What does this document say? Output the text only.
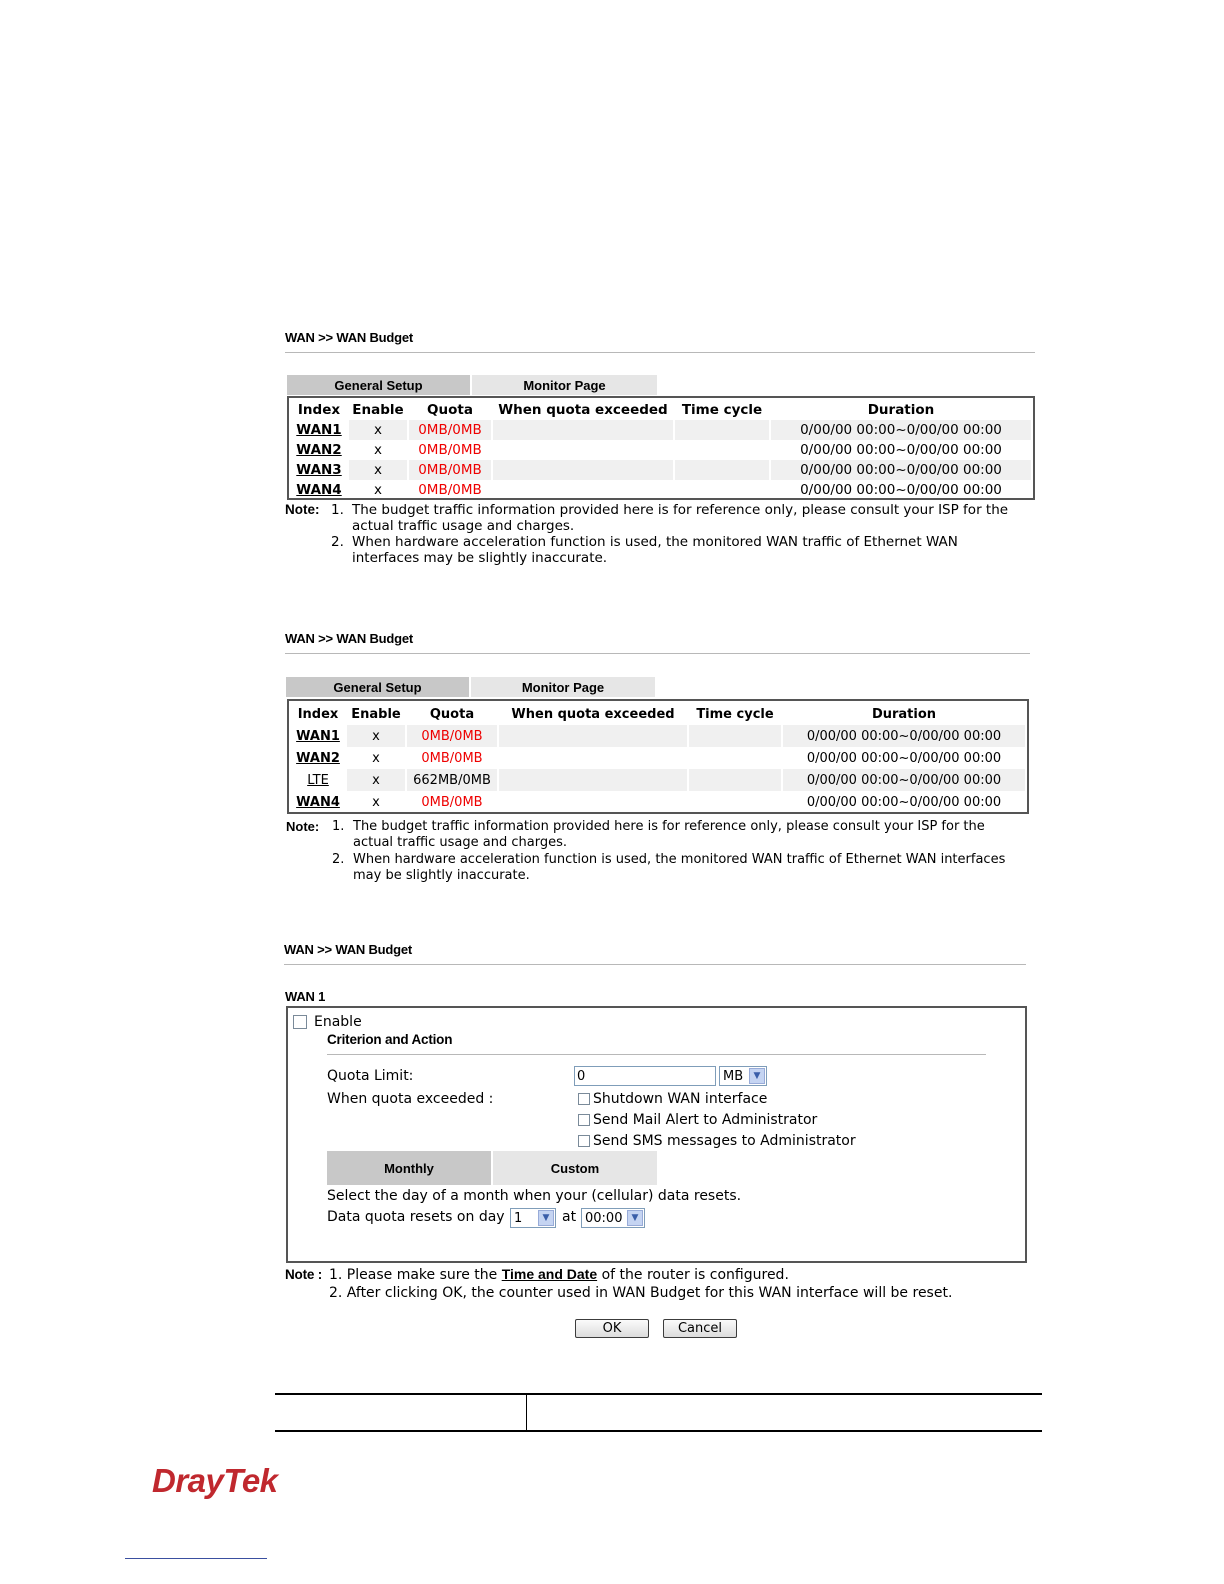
WAN >> WAN Budget
General Setup	Monitor Page
Index	Enable	Quota	When quota exceeded	Time cycle	Duration
WAN1	x	0MB/0MB			0/00/00 00:00~0/00/00 00:00
WAN2	x	0MB/0MB			0/00/00 00:00~0/00/00 00:00
WAN3	x	0MB/0MB			0/00/00 00:00~0/00/00 00:00
WAN4	x	0MB/0MB			0/00/00 00:00~0/00/00 00:00
Note: 1. The budget traffic information provided here is for reference only, please consult your ISP for the
actual traffic usage and charges.
2. When hardware acceleration function is used, the monitored WAN traffic of Ethernet WAN
interfaces may be slightly inaccurate.
WAN >> WAN Budget
General Setup	Monitor Page
Index	Enable	Quota	When quota exceeded	Time cycle	Duration
WAN1	x	0MB/0MB			0/00/00 00:00~0/00/00 00:00
WAN2	x	0MB/0MB			0/00/00 00:00~0/00/00 00:00
LTE	x	662MB/0MB			0/00/00 00:00~0/00/00 00:00
WAN4	x	0MB/0MB			0/00/00 00:00~0/00/00 00:00
Note: 1. The budget traffic information provided here is for reference only, please consult your ISP for the
actual traffic usage and charges.
2. When hardware acceleration function is used, the monitored WAN traffic of Ethernet WAN interfaces
may be slightly inaccurate.
WAN >> WAN Budget
WAN 1
Enable
Criterion and Action
Quota Limit:	0	MB	▼
When quota exceeded :	Shutdown WAN interface
Send Mail Alert to Administrator
Send SMS messages to Administrator
Monthly	Custom
Select the day of a month when your (cellular) data resets.
Data quota resets on day 1	▼ at 00:00	▼
Note : 1. Please make sure the Time and Date of the router is configured.
2. After clicking OK, the counter used in WAN Budget for this WAN interface will be reset.
OK	Cancel
DrayTek
